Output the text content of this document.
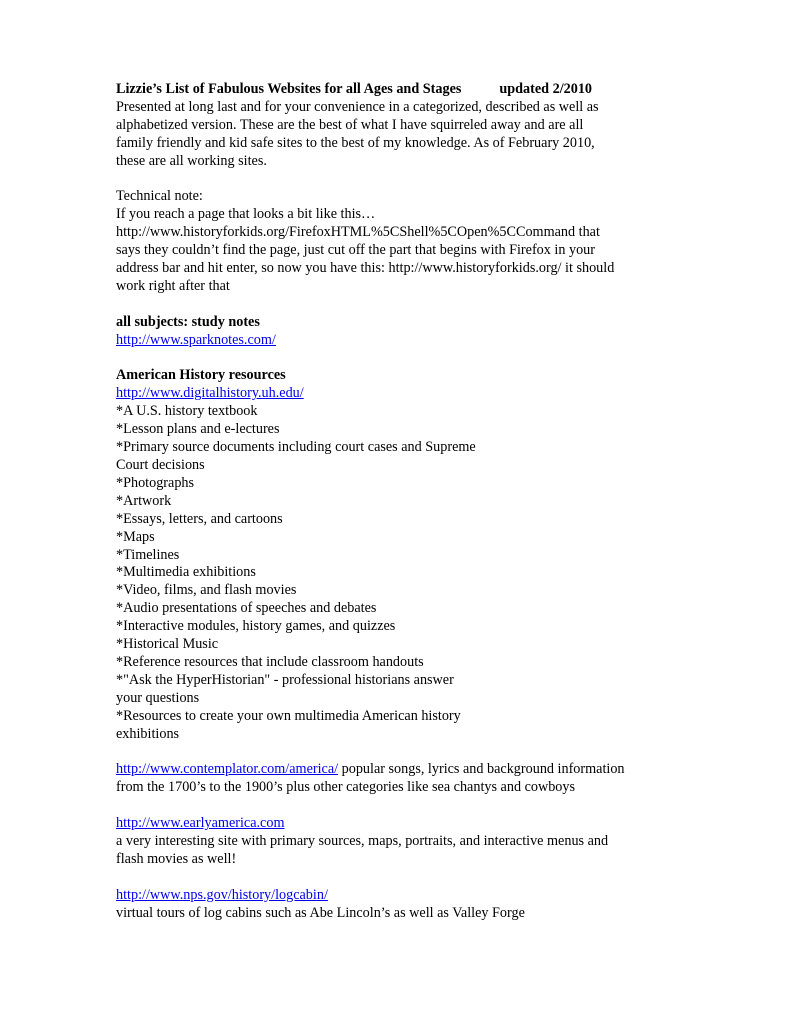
Lizzie’s List of Fabulous Websites for all Ages and Stages	updated 2/2010
Presented at long last and for your convenience in a categorized, described as well as
alphabetized version. These are the best of what I have squirreled away and are all
family friendly and kid safe sites to the best of my knowledge. As of February 2010,
these are all working sites.
Technical note:
If you reach a page that looks a bit like this…
http://www.historyforkids.org/FirefoxHTML%5CShell%5COpen%5CCommand that
says they couldn’t find the page, just cut off the part that begins with Firefox in your
address bar and hit enter, so now you have this: http://www.historyforkids.org/ it should
work right after that
all subjects: study notes
http://www.sparknotes.com/
American History resources
http://www.digitalhistory.uh.edu/
*A U.S. history textbook
*Lesson plans and e-lectures
*Primary source documents including court cases and Supreme
Court decisions
*Photographs
*Artwork
*Essays, letters, and cartoons
*Maps
*Timelines
*Multimedia exhibitions
*Video, films, and flash movies
*Audio presentations of speeches and debates
*Interactive modules, history games, and quizzes
*Historical Music
*Reference resources that include classroom handouts
*"Ask the HyperHistorian" - professional historians answer
your questions
*Resources to create your own multimedia American history
exhibitions
http://www.contemplator.com/america/ popular songs, lyrics and background information
from the 1700’s to the 1900’s plus other categories like sea chantys and cowboys
http://www.earlyamerica.com
a very interesting site with primary sources, maps, portraits, and interactive menus and
flash movies as well!
http://www.nps.gov/history/logcabin/
virtual tours of log cabins such as Abe Lincoln’s as well as Valley Forge
